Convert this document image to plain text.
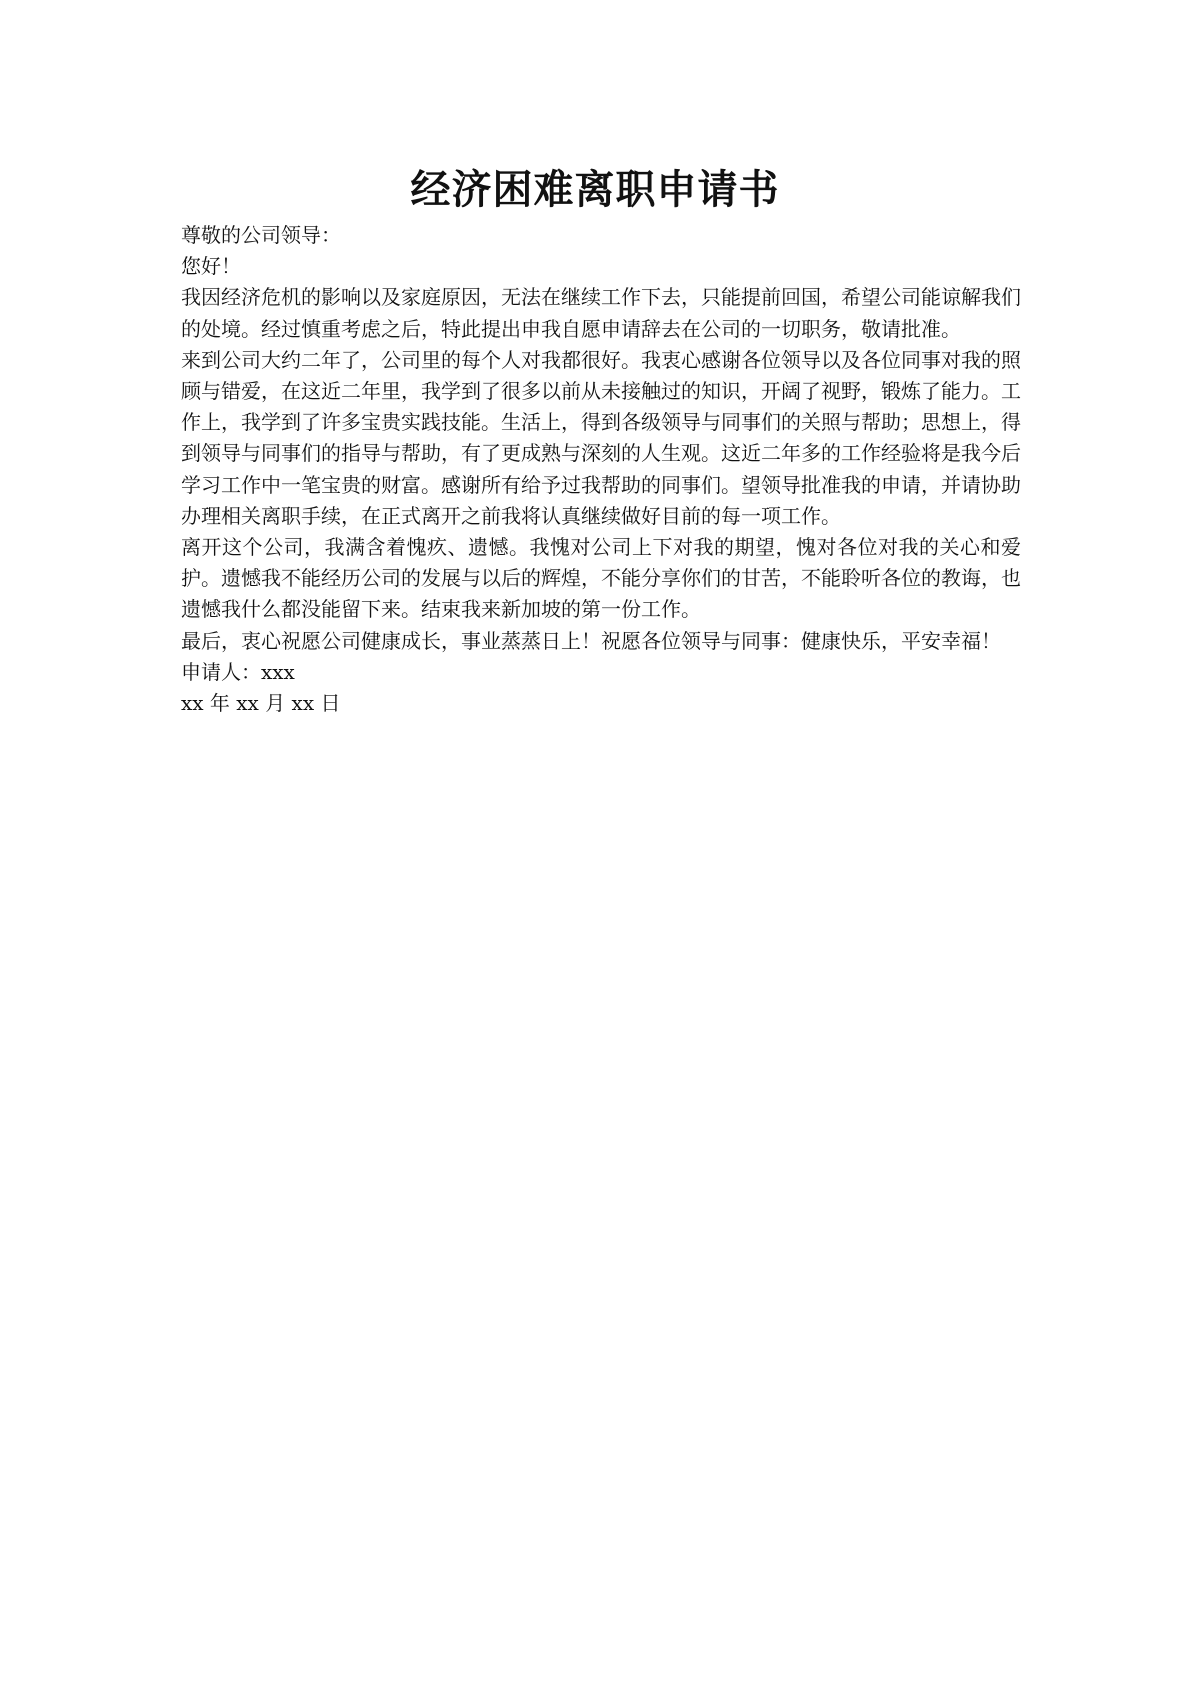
经济困难离职申请书

尊敬的公司领导：

您好！

我因经济危机的影响以及家庭原因，无法在继续工作下去，只能提前回国，希望公司能谅解我们的处境。经过慎重考虑之后，特此提出申我自愿申请辞去在公司的一切职务，敬请批准。

来到公司大约二年了，公司里的每个人对我都很好。我衷心感谢各位领导以及各位同事对我的照顾与错爱，在这近二年里，我学到了很多以前从未接触过的知识，开阔了视野，锻炼了能力。工作上，我学到了许多宝贵实践技能。生活上，得到各级领导与同事们的关照与帮助；思想上，得到领导与同事们的指导与帮助，有了更成熟与深刻的人生观。这近二年多的工作经验将是我今后学习工作中一笔宝贵的财富。感谢所有给予过我帮助的同事们。望领导批准我的申请，并请协助办理相关离职手续，在正式离开之前我将认真继续做好目前的每一项工作。

离开这个公司，我满含着愧疚、遗憾。我愧对公司上下对我的期望，愧对各位对我的关心和爱护。遗憾我不能经历公司的发展与以后的辉煌，不能分享你们的甘苦，不能聆听各位的教诲，也遗憾我什么都没能留下来。结束我来新加坡的第一份工作。

最后，衷心祝愿公司健康成长，事业蒸蒸日上！祝愿各位领导与同事：健康快乐，平安幸福！

申请人：xxx

xx 年 xx 月 xx 日
